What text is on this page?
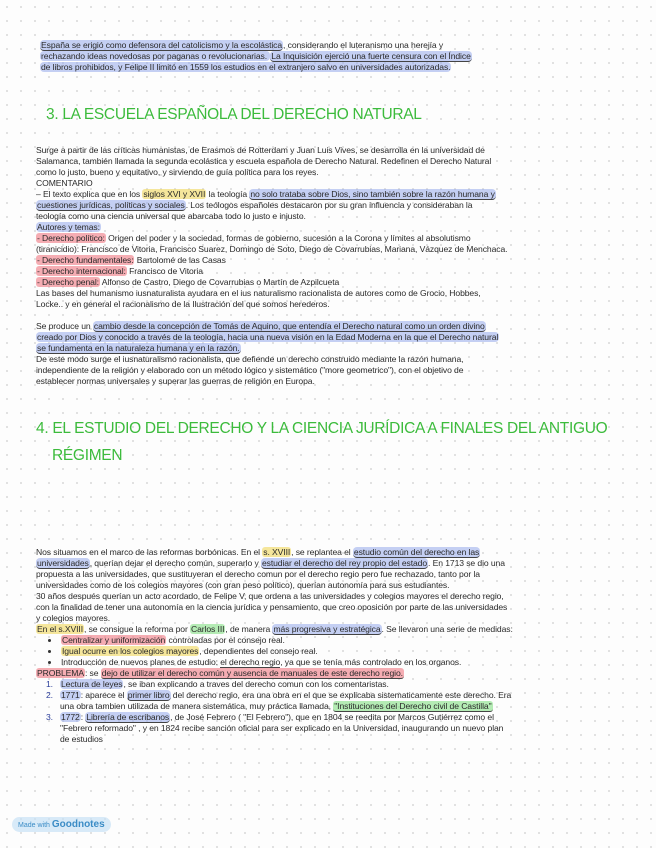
España se erigió como defensora del catolicismo y la escolástica, considerando el luteranismo una herejía y
rechazando ideas novedosas por paganas o revolucionarias. La Inquisición ejerció una fuerte censura con el Índice
de libros prohibidos, y Felipe II limitó en 1559 los estudios en el extranjero salvo en universidades autorizadas.
3. LA ESCUELA ESPAÑOLA DEL DERECHO NATURAL
Surge a partir de las críticas humanistas, de Erasmos de Rotterdam y Juan Luis Vives, se desarrolla en la universidad de
Salamanca, también llamada la segunda ecolástica y escuela española de Derecho Natural. Redefinen el Derecho Natural
como lo justo, bueno y equitativo, y sirviendo de guía política para los reyes.
COMENTARIO
– El texto explica que en los siglos XVI y XVII la teología no solo trataba sobre Dios, sino también sobre la razón humana y
cuestiones jurídicas, políticas y sociales. Los teólogos españoles destacaron por su gran influencia y consideraban la
teología como una ciencia universal que abarcaba todo lo justo e injusto.
Autores y temas:
- Derecho político: Origen del poder y la sociedad, formas de gobierno, sucesión a la Corona y límites al absolutismo
(tiranicidio): Francisco de Vitoria, Francisco Suarez, Domingo de Soto, Diego de Covarrubias, Mariana, Vázquez de Menchaca.
- Derecho fundamentales: Bartolomé de las Casas
- Derecho internacional: Francisco de Vitoria
- Derecho penal: Alfonso de Castro, Diego de Covarrubias o Martín de Azpilcueta
Las bases del humanismo iusnaturalista ayudara en el ius naturalismo racionalista de autores como de Grocio, Hobbes,
Locke.. y en general el racionalismo de la Ilustración del que somos herederos.
Se produce un cambio desde la concepción de Tomás de Aquino, que entendía el Derecho natural como un orden divino
creado por Dios y conocido a través de la teología, hacia una nueva visión en la Edad Moderna en la que el Derecho natural
se fundamenta en la naturaleza humana y en la razón.
De este modo surge el iusnaturalismo racionalista, que defiende un derecho construido mediante la razón humana,
independiente de la religión y elaborado con un método lógico y sistemático ("more geometrico"), con el objetivo de
establecer normas universales y superar las guerras de religión en Europa.
4. EL ESTUDIO DEL DERECHO Y LA CIENCIA JURÍDICA A FINALES DEL ANTIGUO
RÉGIMEN
Nos situamos en el marco de las reformas borbónicas. En el s. XVIII, se replantea el estudio común del derecho en las
universidades, querían dejar el derecho común, superarlo y estudiar el derecho del rey propio del estado. En 1713 se dio una
propuesta a las universidades, que sustituyeran el derecho comun por el derecho regio pero fue rechazado, tanto por la
universidades como de los colegios mayores (con gran peso político), querían autonomía para sus estudiantes.
30 años después querían un acto acordado, de Felipe V, que ordena a las universidades y colegios mayores el derecho regio,
con la finalidad de tener una autonomía en la ciencia jurídica y pensamiento, que creo oposición por parte de las universidades
y colegios mayores.
En el s.XVIII, se consigue la reforma por Carlos III, de manera más progresiva y estratégica. Se llevaron una serie de medidas:
Centralizar y uniformización controladas por el consejo real.
Igual ocurre en los colegios mayores, dependientes del consejo real.
Introducción de nuevos planes de estudio: el derecho regio, ya que se tenía más controlado en los organos.
PROBLEMA: se dejo de utilizar el derecho común y ausencia de manuales de este derecho regio.
1. Lectura de leyes, se iban explicando a traves del derecho comun con los comentaristas.
2. 1771: aparece el primer libro del derecho regio, era una obra en el que se explicaba sistematicamente este derecho. Era
una obra tambien utilizada de manera sistemática, muy práctica llamada, "Instituciones del Derecho civil de Castilla"
3. 1772: Librería de escribanos, de José Febrero ( "El Febrero"), que en 1804 se reedita por Marcos Gutiérrez como el
"Febrero reformado" , y en 1824 recibe sanción oficial para ser explicado en la Universidad, inaugurando un nuevo plan
de estudios
Made with Goodnotes
